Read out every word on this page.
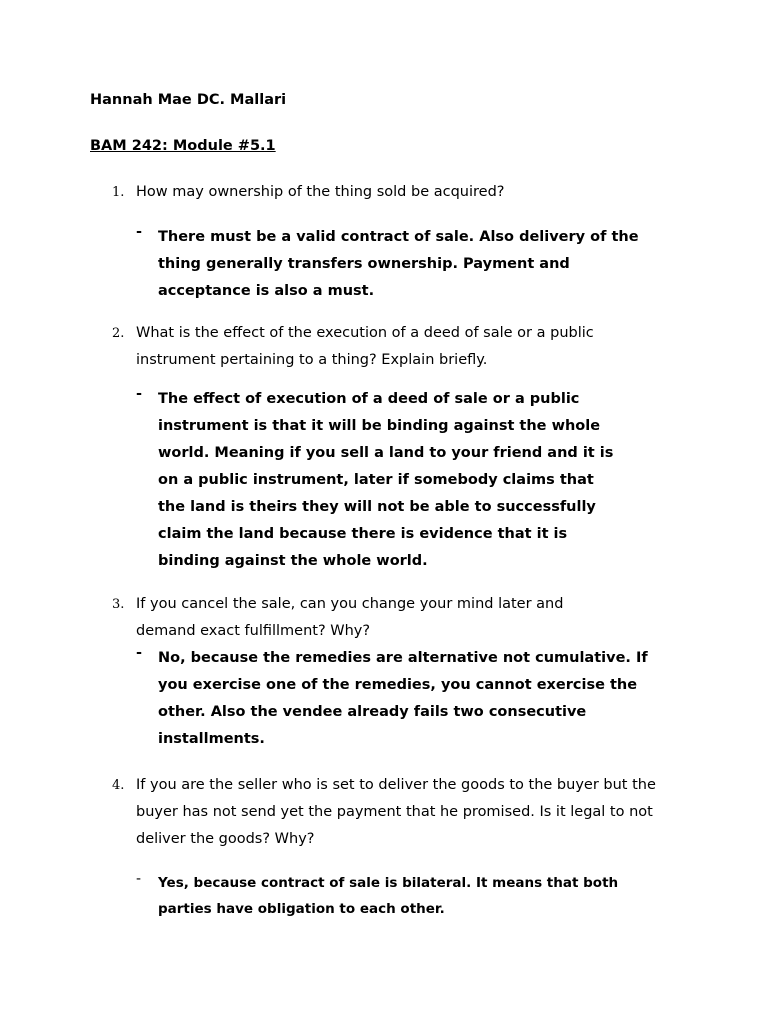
Hannah Mae DC. Mallari
BAM 242: Module #5.1
1. How may ownership of the thing sold be acquired?
- There must be a valid contract of sale. Also delivery of the
thing generally transfers ownership. Payment and
acceptance is also a must.
2. What is the effect of the execution of a deed of sale or a public
instrument pertaining to a thing? Explain briefly.
- The effect of execution of a deed of sale or a public
instrument is that it will be binding against the whole
world. Meaning if you sell a land to your friend and it is
on a public instrument, later if somebody claims that
the land is theirs they will not be able to successfully
claim the land because there is evidence that it is
binding against the whole world.
3. If you cancel the sale, can you change your mind later and
demand exact fulfillment? Why?
- No, because the remedies are alternative not cumulative. If
you exercise one of the remedies, you cannot exercise the
other. Also the vendee already fails two consecutive
installments.
4. If you are the seller who is set to deliver the goods to the buyer but the
buyer has not send yet the payment that he promised. Is it legal to not
deliver the goods? Why?
- Yes, because contract of sale is bilateral. It means that both
parties have obligation to each other.
